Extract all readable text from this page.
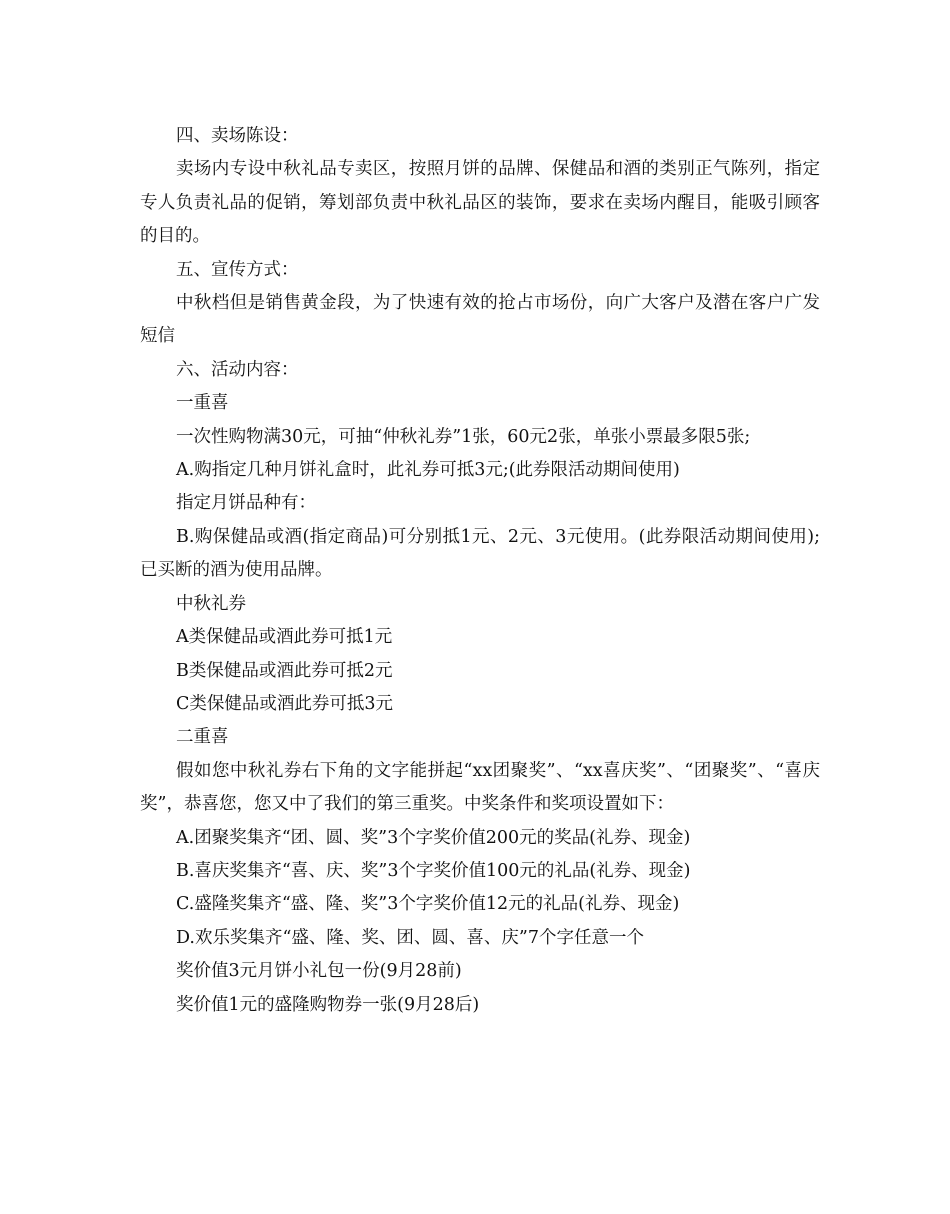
四、卖场陈设：

卖场内专设中秋礼品专卖区，按照月饼的品牌、保健品和酒的类别正气陈列，指定专人负责礼品的促销，筹划部负责中秋礼品区的装饰，要求在卖场内醒目，能吸引顾客的目的。

五、宣传方式：

中秋档但是销售黄金段，为了快速有效的抢占市场份，向广大客户及潜在客户广发短信

六、活动内容：

一重喜

一次性购物满30元，可抽“仲秋礼券”1张，60元2张，单张小票最多限5张;

A.购指定几种月饼礼盒时，此礼券可抵3元;(此券限活动期间使用)

指定月饼品种有：

B.购保健品或酒(指定商品)可分别抵1元、2元、3元使用。(此券限活动期间使用);已买断的酒为使用品牌。

中秋礼券

A类保健品或酒此券可抵1元

B类保健品或酒此券可抵2元

C类保健品或酒此券可抵3元

二重喜

假如您中秋礼券右下角的文字能拼起“xx团聚奖”、“xx喜庆奖”、“团聚奖”、“喜庆奖”，恭喜您，您又中了我们的第三重奖。中奖条件和奖项设置如下：

A.团聚奖集齐“团、圆、奖”3个字奖价值200元的奖品(礼券、现金)

B.喜庆奖集齐“喜、庆、奖”3个字奖价值100元的礼品(礼券、现金)

C.盛隆奖集齐“盛、隆、奖”3个字奖价值12元的礼品(礼券、现金)

D.欢乐奖集齐“盛、隆、奖、团、圆、喜、庆”7个字任意一个

奖价值3元月饼小礼包一份(9月28前)

奖价值1元的盛隆购物券一张(9月28后)
